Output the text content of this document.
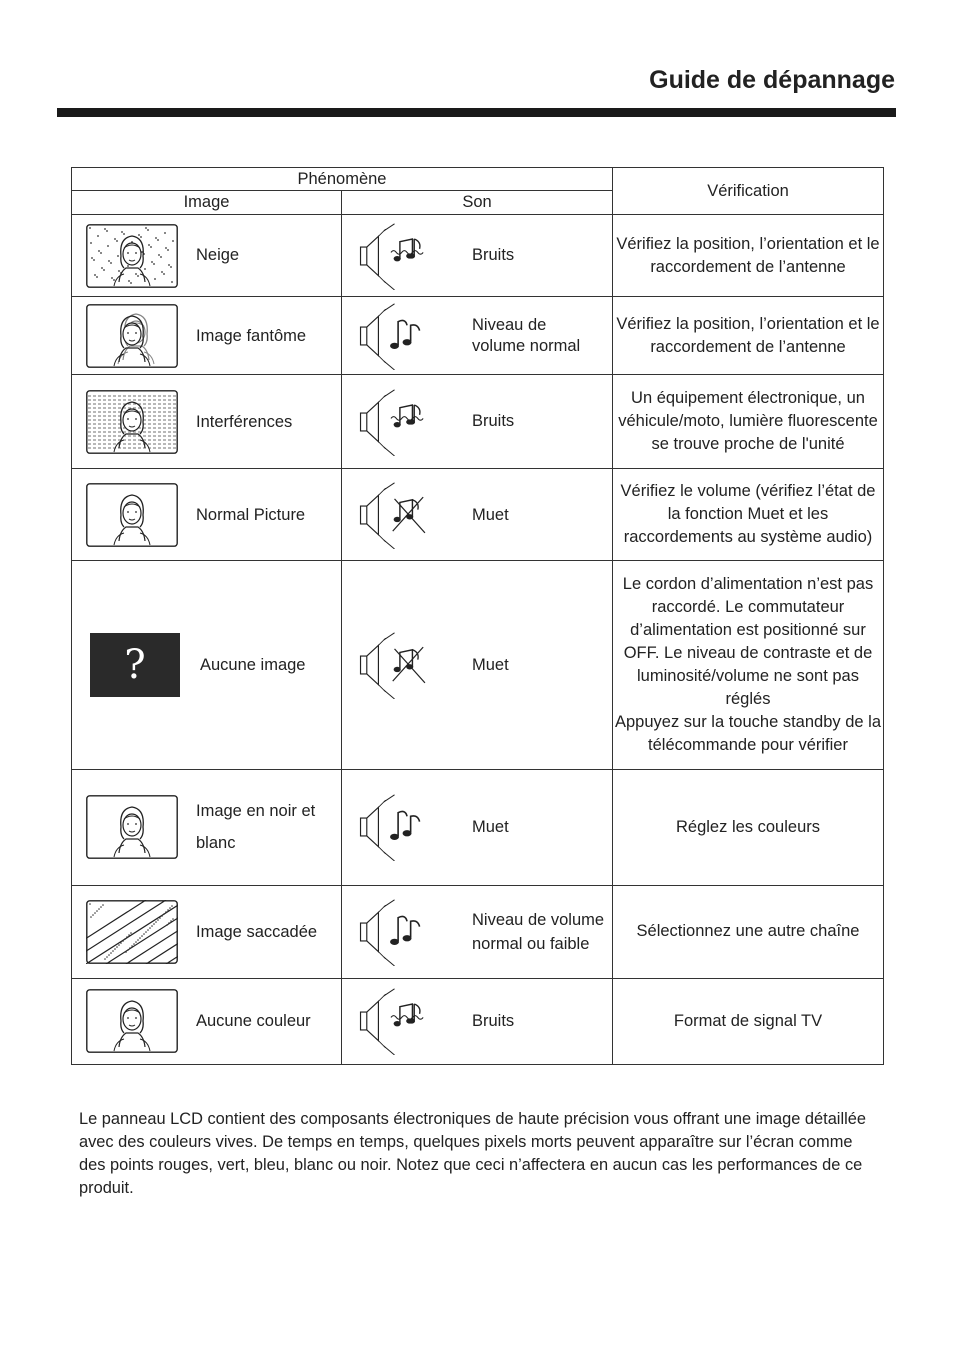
Guide de dépannage
Phénomène		Vérification
Image	Son	

Neige	Bruits	Vérifiez la position, l’orientation et le raccordement de l’antenne

Image fantôme	Niveau de volume normal	Vérifiez la position, l’orientation et le raccordement de l’antenne

Interférences	Bruits	Un équipement électronique, un véhicule/moto, lumière fluorescente se trouve proche de l'unité

Normal Picture	Muet	Vérifiez le volume (vérifiez l’état de la fonction Muet et les raccordements au système audio)

? Aucune image	Muet	Le cordon d’alimentation n’est pas raccordé. Le commutateur d’alimentation est positionné sur OFF. Le niveau de contraste et de luminosité/volume ne sont pas réglés
Appuyez sur la touche standby de la télécommande pour vérifier

Image en noir et blanc	Muet	Réglez les couleurs

Image saccadée	Niveau de volume normal ou faible	Sélectionnez une autre chaîne

Aucune couleur	Bruits	Format de signal TV

Le panneau LCD contient des composants électroniques de haute précision vous offrant une image détaillée avec des couleurs vives. De temps en temps, quelques pixels morts peuvent apparaître sur l’écran comme des points rouges, vert, bleu, blanc ou noir. Notez que ceci n’affectera en aucun cas les performances de ce produit.
